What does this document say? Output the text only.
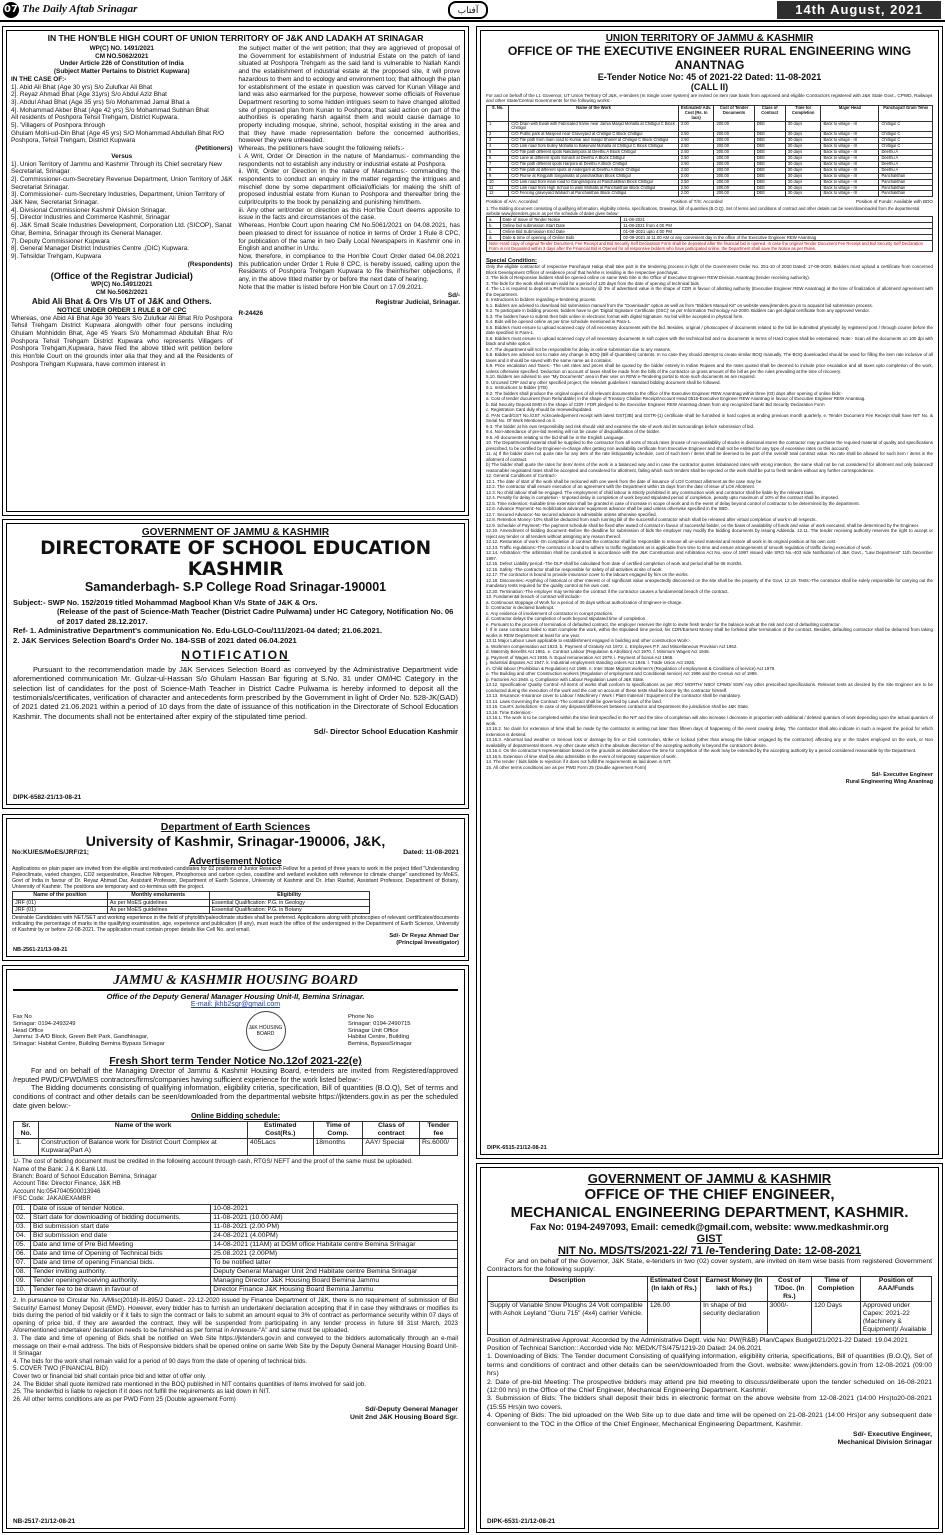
07 The Daily Aftab Srinagar	آفتاب	14th August, 2021
IN THE HON'BLE HIGH COURT OF UNION TERRITORY OF J&K AND LADAKH AT SRINAGAR
WP(C) NO. 1491/2021
CM NO.5062/2021
Under Article 226 of Constitution of India
(Subject Matter Pertains to District Kupwara)
IN THE CASE OF:-
1]. Abid Ali Bhat (Age 30 yrs) S/o Zulufkar Ali Bhat
2]. Reyaz Ahmad Bhat (Age 31yrs) S/o Abdul Aziz Bhat
3]. Abdul Ahad Bhat (Age 35 yrs) S/o Mohammad Jamal Bhat a
4]. Mohammad Akber Bhat (Age 42 yrs) S/o Mohammad Subhan Bhat
All residents of Poshpora Tehsil Trehgam, District Kupwara.
5]. 'Villagers of Poshpora through
Ghulam Mohi-ud-Din Bhat (Age 45 yrs) S/O Mohammad Abdullah Bhat R/O Poshpora, Tehsil Trehgam, District Kupwara
(Petitioners)
Versus
1]. Union Territory of Jammu and Kashmir Through its Chief secretary New Secretariat, Srinagar
2]. Commissioner-cum-Secretary Revenue Department, Union Territory of J&K Secretariat Srinagar.
3]. Commissioner- cum-Secretary Industries, Department, Union Territory of J&K New, Secretariat Srinagar.
4]. Divisional Commissioner Kashmir Division Srinagar.
5]. Director Industries and Commerce Kashmir, Srinagar
6]. J&K Small Scale Industries Development, Corporation Ltd. (SICOP), Sanat Ghar, Bemina, Srinagar through its General Manager.
7]. Deputy Commissioner Kupwara
8]. General Manager District Industries Centre ,(DIC) Kupwara.
9]. Tehsildar Trehgam, Kupwara
(Respondents)
(Office of the Registrar Judicial)
WP(C) No.1491/2021
CM No.5062/2021
Abid Ali Bhat & Ors V/s UT of J&K and Others.
NOTICE UNDER ORDER 1 RULE 8 OF CPC
Whereas, one Abid Ali Bhat Age 30 Years S/o Zulufkar Ali Bhat R/o Poshpora Tehsil Trehgam District Kupwara alongwith other four persons including Ghulam Mohhiddin Bhat, Age 45 Years S/o Mohammad Abdullah Bhat R/o Poshpora Tehsil Trehgam District Kupwara who represents Villagers of Poshpora Trehgam,Kupwara, have filed the above titled writ petition before this Hon'ble Court on the grounds inter alia that they and all the Residents of Poshpora Trehgam Kupwara, have common interest in
the subject matter of the writ petition; that they are aggrieved of proposal of the Government for establishment of Industrial Estate on the patch of land situated at Poshpora Trehgam as the said land is vulnerable to Nallah Kandi and the establishment of industrial estate at the proposed site, it will prove hazardous to them and to ecology and environment too; that although the plan for establishment of the estate in question was carved for Kunan Village and land was also earmarked for the purpose, however some officials of Revenue Department resorting to some hidden intrigues seem to have changed allotted site of proposed plan from Kunan to Poshpora; that said action on part of the authorities is operating harsh against them and would cause damage to property including mosque, shrine, school, hospital existing in the area and that they have made representation before the concerned authorities, however they were unheeded.
Whereas, the petitioners have sought the following reliefs:-
i. A Writ, Order Or Direction in the nature of Mandamus:- commanding the respondents not to establish any industry or industrial estate at Poshpora.
ii. Writ, Order or Direction in the nature of Mandamus:- commanding the respondents to conduct an enquiry in the matter regarding the intrigues and mischief done by some department official/officials for making the shift of proposed industrial estate from Kunan to Poshpora and thereafter bring the culprit/culprits to the book by penalizing and punishing him/them.
iii. Any other writ/order or direction as this Hon'ble Court deems apposite to issue in the facts and circumstances of the case.
Whereas, Hon'ble Court upon hearing CM No.5061/2021 on 04.08.2021, has been pleased to direct for issuance of notice in terms of Order 1 Rule 8 CPC, for publication of the same in two Daily Local Newspapers in Kashmir one in English and another in Urdu.
Now, therefore, in compliance to the Hon'ble Court Order dated 04.08.2021 this publication under Order 1 Rule 8 CPC, is hereby issued, calling upon the Residents of Poshpora Trehgam Kupwara to file their/his/her objections, if any, in the above titled matter by or before the next date of hearing.
Note that the matter is listed before Hon'ble Court on 17.09.2021.
Sd/-
Registrar Judicial, Srinagar.
R-24426
GOVERNMENT OF JAMMU & KASHMIR
DIRECTORATE OF SCHOOL EDUCATION KASHMIR
Samanderbagh- S.P College Road Srinagar-190001
Subject:- SWP No. 152/2019 titled Mohammad Magbool Khan V/s State of J&K & Ors.
(Release of the past of Science-Math Teacher (District Cadre Pulwama) under HC Category, Notification No. 06 of 2017 dated 28.12.2017.
Ref- 1. Administrative Department's communication No. Edu-LGLO-Cou/111/2021-04 dated; 21.06.2021.
2. J&K Services Selection Board's Order No. 184-SSB of 2021 dated 06.04.2021
NOTIFICATION
Pursuant to the recommendation made by J&K Services Selection Board as conveyed by the Administrative Department vide aforementioned communication Mr. Gulzar-ul-Hassan S/o Ghulam Hassan Bar figuring at S.No. 31 under OM/HC Category in the selection list of candidates for the post of Science-Math Teacher in District Cadre Pulwama is hereby informed to deposit all the testimonials/certificates, verification of character and antecedents form prescribed by the Government in light of Order No. 528-JK(GAD) of 2021 dated 21.06.2021 within a period of 10 days from the date of issuance of this notification in the Directorate of School Education Kashmir. The documents shall not be entertained after expiry of the stipulated time period.
Sd/- Director School Education Kashmir
DIPK-6582-21/13-08-21
Department of Earth Sciences
University of Kashmir, Srinagar-190006, J&K,
No:KU/ES/MoES/JRF/21;	Dated: 11-08-2021
Advertisement Notice
Applications on plain paper are invited from the eligible and motivated candidates for 02 positions of Junior Research Fellow for a period of three years to work in the project titled "Understanding Paleoclimate, varied changes, CO2 sequestration, Reactive Nitrogen, Phosphorous and carbon cycles, coastline and wetland evolution with reference to climate change" sanctioned by MoES, Govt of India in favour of Dr. Reyaz Ahmad Dar, Assistant Professor, Department of Earth Science, University of Kashmir and Dr. Irfan Rashid, Assistant Professor, Department of Botany, University of Kashmir. The positions are temporary and co-terminus with the project.
Name of the position	Monthly emoluments	Eligibility
JRF (01)	As per MoES guidelines	Essential Qualification: P.G. in Geology
JRF (01)	As per MoES guidelines	Essential Qualification: P.G. in Botany
Desirable Candidates with NET/SET and working experience in the field of phytolith/paleoclimate studies shall be preferred. Applications along with photocopies of relevant certificates/documents indicating the percentage of marks in the qualifying examination, age, experience and publication (if any), must reach the office of the undersigned in the Department of Earth Science, University of Kashmir by or before 22-08-2021. The application must contain proper details like Cell No. and email.
Sd/- Dr Reyaz Ahmad Dar
(Principal Investigator)
NB-2561-21/13-08-21
JAMMU & KASHMIR HOUSING BOARD
Office of the Deputy General Manager Housing Unit-II, Bemina Srinagar.
E-mail: jkhb2sgr@gmail.com
Fax No
Srinagar: 0194-2493249
Head Office
Jammu: 3-A/D Block, Green Belt Park, Gandhinagar,
Srinagar: Habitat Centre, Building Bemina Bypass Srinagar
J&K HOUSING BOARD
Phone No
Srinagar: 0194-2490715
Srinagar Unit Office
Habitat Centre, Building
Bemina, BypassSrinagar
Fresh Short term Tender Notice No.12of 2021-22(e)
For and on behalf of the Managing Director of Jammu & Kashmir Housing Board, e-tenders are invited from Registered/approved /reputed PWD/CPWD/MES contractors/firms/companies having sufficient experience for the work listed below:-
The Bidding documents consisting of qualifying information, eligibility criteria, specification, Bill of quantities (B.O.Q), Set of terms and conditions of contract and other details can be seen/downloaded from the departmental website https://jktenders.gov.in as per the scheduled date given below:-
Online Bidding schedule:
Sr. No.	Name of the work	Estimated Cost(Rs.)	Time of Comp.	Class of contract	Tender fee
1.	Construction of Balance work for District Court Complex at Kupwara(Part A)	405Lacs	18months	AAY/ Special	Rs.6000/
1/- The cost of bidding document must be credited in the following account through cash, RTGS/ NEFT and the proof of the same must be uploaded.
Name of the Bank: J & K Bank Ltd.
Branch: Board of School Education Bemina, Srinagar
Account Title: Director Finance, J&K HB
Account No:0547040500013946
IFSC Code: JAKA0EXAMBR
01.	Date of issue of tender Notice.	10-08-2021
02.	Start date for downloading of bidding documents.	11-08-2021 (10.00 AM)
03.	Bid submission start date	11-08-2021 (2.00 PM)
04.	Bid submission end date	24-08-2021 (4.00PM)
05.	Date and time of Pre Bid Meeting	14-08-2021 (11AM) at DGM office Habitate centre Bemina Srinagar
06.	Date and time of Opening of Technical bids	25.08.2021 (2.00PM)
07.	Date and time of opening Financial bids.	To be notified latter
08.	Tender inviting authority.	Deputy General Manager Unit 2nd Habitate centre Bemina Srinagar
09.	Tender opening/receiving authority.	Managing Director J&K Housing Board Bemina Jammu
10.	Tender fee to be drawn in favour of	Director Finance J&K Housing Board Bemina Jammu
2. In pursuance to Circular No. A/Misc(2018)-III-895/J Dated:- 22-12-2020 issued by Finance Department of J&K, there is no requirement of submission of Bid Security/ Earnest Money Deposit (EMD). However, every bidder has to furnish an undertaken/ declaration accepting that if in case they withdraws or modifies its bids during the period of bid validity or if it fails to sign the contract or fails to submit an amount equal to 3% of contract as performance security within 07 days of opening of price bid, if they are awarded the contract, they will be suspended from participating in any tender process in future till 31st March, 2023 Aforementioned undertaken/ declaration needs to be furnished as per format in Annexure-"A" and same must be uploaded.
3. The date and time of opening of Bids shall be notified on Web Site https://jktenders.gov.in and conveyed to the bidders automatically through an e-mail message on their e-mail address. The bids of Responsive bidders shall be opened online on same Web Site by the Deputy General Manager Housing Board Unit-II Srinagar
4. The bids for the work shall remain valid for a period of 90 days from the date of opening of technical bids.
5. COVER TWO (FINANCIAL BID)
Cover two or financial bid shall contain price bid and letter of offer only.
24. The Bidder shall quote itemized rate mentioned in the BOQ published in NIT contains quantities of items involved for said job.
25. The tender/bid is liable to rejection if it does not fulfill the requirements as laid down in NIT.
26. All other terms conditions are as per PWD Form 25 (Double agreement Form)
Sd/-Deputy General Manager
Unit 2nd J&K Housing Board Sgr.
NB-2517-21/12-08-21
UNION TERRITORY OF JAMMU & KASHMIR
OFFICE OF THE EXECUTIVE ENGINEER RURAL ENGINEERING WING ANANTNAG
E-Tender Notice No: 45 of 2021-22 Dated: 11-08-2021
(CALL II)
For and on behalf of the Lt. Governor, UT Union Territory Of J&K, e-tenders (In Single cover system) are invited on item rate basis from approved and eligible Contractors registered with J&K State Govt., CPWD, Railways and other State/Central Governments for the following works:-
S. No.	Name of the Work	Estimated/ Adv. Cost (Rs. In lacs)	Cost of Tender Documents	Class of Contract	Time for Completion	Major Head	Panchayat/ Gram Tehsi
1	C/O Drain with Ewall with Fabricated frame near Jamia Masjid Mohalla at Chittigul C Block Chittigul	3.00	200.00	DEE	30 days	Back to village - III	Chittigul C
2	C/O Public park at Masjeed near Graveyard at Chittigul C Block Chittigul	2.50	200.00	DEE	30 days	Back to village - III	Chittigul C
3	C/O Tile path from main road to Kumar and masjid Sharief at Chittigul C Block Chittigul	2.50	200.00	DEE	30 days	Back to village - III	Chittigul C
4	C/O Link road from bulley Mohalla to Bakerwal Mohalla at Chittigul C Block Chittigul	2.50	200.00	DEE	30 days	Back to village - III	Chittigul C
5	C/O Tile path different spots Nakdampora at Deethu A Block Chittigul	2.50	200.00	DEE	30 days	Back to village - III	Deethu A
6	C/O Lane at different spots Sonach at Deethu A Block Chittigul	2.50	200.00	DEE	30 days	Back to village - III	Deethu A
7	C/O Tile path different spots Harpora at Deethu A Block Chittigul	2.50	200.00	DEE	30 days	Back to village - III	Deethu A
8	C/O Tile path at different spots at Andergam at Deethu A Block Chittigul	2.50	200.00	DEE	30 days	Back to village - III	Deethu A
9	C/O Flume at Ringpath Singamalla at panchakthan Block Chittigul	2.00	200.00	DEE	30 days	Back to village - III	Panchakthan
10	C/O Link road from main road to Gangrampora at Panchakthan Block Chittigul	2.50	200.00	DEE	30 days	Back to village - III	Panchakthan
11	C/O Link road from High School to wani Mohalla at Panchakthan Block Chittigul	2.50	200.00	DEE	30 days	Back to village - III	Panchakthan
12	C/O Fencing graveyard Wahach at Panchakthan Block Chittigul	2.00	200.00	DEE	30 days	Back to village - III	Panchakthan
Position of A/A: Accorded	Position of T/S: Accorded	Position of Funds: Available with BDO
1. The Bidding document consisting of qualifying information, eligibility criteria, specifications, Drawings, bill of quantities (B.O.Q), Set of terms and conditions of contract and other details can be seen/downloaded from the departmental website www.jktenders.gov.in as per the schedule of dates given below:
a.	Date of Issue of Tender Notice	11-08-2021
b.	Online bid submission Start Date	11-08-2021 from 4.00 PM
c.	Online Bid Submission End Date	01-09-2021 upto 4:00 PM
d.	Date & time of opening of Online Bids	02-09-2021 at 11.00 AM or any convenient day in the office of the Executive Engineer REW Anantnag
Note:-Hard copy of original Tender Document, Fee Receipt and Bid Security Self Declaration Form shall be deposited after the financial bid is opened. In case the original Tender Document Fee Receipt and Bid Security Self Declaration Form is not Deposited within 3 days after the Financial Bid is Opened for all responsive bidders who have participated online, the Department shall save the Notice as per Rules.
Special Condition:
Only the eligible contractor of respective Panchayat Halqa shall take part in the tendering process in light of the Government Order No. 251-10 of 2020 Dated: 17-09-2020. Bidders must upload a certificate from concerned Block Development Officer of residence proof that he/she is residing in the respective panchayat.
2. The bids of Responsive bidders shall be opened online on same Web Site in the Office of Executive Engineer REW Division Anantnag (tender receiving authority).
3. The bids for the work shall remain valid for a period of 120 days from the date of opening of technical bids
4. The L1 is required to deposit a Performance Security @ 3% of advertised value in the shape of CDR in favour of allotting authority (Executive Engineer REW Anantnag) at the time of finalization of allotment/ agreement with the Department.
5. Instructions to bidders regarding e-tendering process.
5.1. Bidders are advised to download bid submission manual from the "Downloads" option as well as from "Bidders Manual Kit" on website www.jktenders.gov.in to acquaint bid submission process.
5.2. To participate in bidding process, bidders have to get 'Digital Signature Certificate (DSC)' as per Information Technology Act-2000. Bidders can get digital certificate from any approved Vendor.
5.3. The bidders have to submit their bids online in electronic format with digital Signature. No bid will be accepted in physical form.
5.4. Bids will be opened online as per time schedule mentioned in Para-1.
5.5. Bidders must ensure to upload scanned copy of all necessary documents with the bid. Besides, original / photocopies of documents related to the bid be submitted physically/ by registered post / through courier before the date specified in Para-1.
5.6. Bidders must ensure to upload scanned copy of all necessary documents in soft copies with the technical bid and no documents in terms of Hard Copies shall be entertained. Note:- Scan all the documents on 100 dpi with black and white option.
5.7. The department will not be responsible for delay in online submission due to any reasons.
5.8. Bidders are advised not to make any change in BOQ (Bill of Quantities) contents. In no case they should attempt to create similar BOQ manually. The BOQ downloaded should be used for filling the item rate inclusive of all taxes and it should be saved with the same name as it contains.
5.9. Price escalation and Taxes:- The unit rates and prices shall be quoted by the bidder entirely in Indian Rupees and the rates quoted shall be deemed to include price escalation and all taxes upto completion of the work, unless otherwise specified. Deduction on account of taxes shall be made from the bills of the contractor on gross amount of the bill as per the rules prevailing at the time of recovery.
5.10. Bidders are advised to use "My Documents" area in their user on REW e-Tendering portal to store such documents as are required.
9. Uncosed CRF and any other specified project, the relevant guidelines / standard bidding document shall be followed.
9.1. Instructions to Bidder (ITB)
9.2. The bidders shall produce the original copies of all relevant documents to the office of the Executive Engineer REW Anantnag within three (03) days after opening of online bids:-
a. Cost of tender document (Non Refundable) in the shape of Treasury Challan Receipt/Account Head 0515-Executive Engineer REW Anantnag in favour of Executive Engineer REW Anantnag.
b. Bid Security Deposit EMD in the shape of CDR / FDR pledged to the Executive Engineer REW Anantnag drawn from any recognized bank/ Bid Security Declaration Form
c. Registration Card duly should be renewed/updated.
d. PAN Card/GST No./GST Acknowledgement receipt with latest GST(3B) and GSTR-(1) certificate shall be furnished in hard copies at ending previous month quarterly. e. Tender Document Fee Receipt shall have NIT No. & Serial No. Of Work Mentioned on it.
9.3. The bidder at his own responsibility and risk should visit and examine the site of work and its surroundings before submission of bid.
9.4. Non-attendance of pre-bid meeting will not be cause of disqualification of the bidder.
9.5. All documents relating to the bid shall be in the English Language.
10. The Departmental material shall be supplied to the contractor from all sorts of Stock rates (Incase of non-availability of stocks in divisional stores the contractor may purchase the required material of quality and specifications prescribed, to be certified by Engineer-in-charge after getting non availability certificate from Executive Engineer and shall not be entitled for any type of excessive rates on this account)
11. a) If the bidder does not quote rate for any item of the rate list/quantity schedule, cost of such item / items shall be deemed to be part of the overall/ total contract value. No rate shall be allowed for such item / items in the allotment of contract.
b) The bidder shall quote the rates for item/ items of the work in a balanced way and in case the contractor quotes imbalanced rates with wrong intention, the same shall not be not considered for allotment and only balanced/ reasonable/ negotiated rates shall be accepted and considered for allotment, failing which such tenders shall be rejected or the work shall be put to fresh tenders without any further correspondence.
12. General Conditions of Contract:-
12.1. The date of start of the work shall be reckoned with one week from the date of issuance of LOI/ Contract allotment as the case may be.
12.2. The contractor shall ensure execution of an agreement with the Department within 15 days from the date of issue of LOI/ Allotment.
12.3. No child labour shall be engaged. The employment of child labour is strictly prohibited in any construction work and contractor shall be liable by the relevant laws.
12.4. Penalty for delay in completion - Imposed delay in completion of work beyond stipulated period of completion, penalty upto maximum of 10% of the contract shall be imposed.
12.5. Time extension:-Suitable time extension shall be granted in case of increase in scope of work and in the event of delay beyond control of contractor to be determined by the department.
12.6. Advance Payment:-No mobilization advance/ equipment advance shall be paid unless otherwise specified in the SBD.
12.7. Secured Advance:-No secured advance is admissible unless otherwise specified.
12.8. Retention Money:-10% shall be deducted from each running bill of the successful contractor which shall be released after virtual completion of work in all respects.
12.9. Schedule of Payment:-The payment schedule shall be fixed after award of contract in favour of successful bidder, on the basis of availability of funds and value of work executed, shall be determined by the Engineer.
12.10. Amendment of bidding document:-Before the deadline for submission of bids the employer may modify the bidding documents by issuing Addenda. 12.11. The tender receiving authority reserves the right to accept or reject any tender or all tenders without assigning any reason thereof.
12.12. Restoration of work:-On completion of contract the contractor shall be responsible to remove all un-used material and restore all work in its original position at his own cost.
12.13. Traffic regulations:-The contractor is bound to adhere to traffic regulations as is applicable from time to time and ensure arrangements of smooth regulation of traffic during execution of work.
12.14. Arbitration:-The arbitration shall be conducted in accordance with the J&K Construction and Arbitration Act No.-xxxv of 1997 issued vide SRO No.-403 vide Notification of J&K Govt., "Law Department" 11th December 1997.
12.15. Defect Liability period:-The DLP shall be calculated from date of certified completion of work and period shall be 06 months.
12.16. Safety:-The contractor shall be responsible for safety of all activities at site of work.
12.17. The contractor is bound to provide insurance cover to the labours engaged by him on the works.
12.18. Discoveries:-Anything of historical or other interest or of significant value unexpectedly discovered on the site shall be the property of the Govt. 12.19. Tests:-The contractor shall be solely responsible for carrying out the mandatory tests required for the quality control at his own cost.
12.20. Termination:-The employer may terminate the contract if the contractor causes a fundamental breach of the contract.
13. Fundamental breach of contract will include:-
a. Continuous stoppage of Work for a period of 30 days without authorization of Engineer-in-charge.
b. Contractor is declared bankrupt.
c. Any evidence of involvement of contractor in corrupt practices.
d. Contractor delays the completion of work beyond stipulated time of completion.
e. Pursuant to the process of termination of defaulted contract, the employer reserves the right to invite fresh tender for the balance work at the risk and cost of defaulting contractor.
f. If in case contractor failed to start /complete the work, within the stipulated time period, his CDR/Earnest Money shall be forfeited after termination of the contract. Besides, defaulting contractor shall be debarred from taking works in REW Department at least for one year.
13.11 Major Labour Laws applicable to establishment engaged in building and other construction Work:-
a. Workmen compensation act 1923. b. Payment of Gratuity Act 1972. c. Employees P.F. and Miscellaneous Provision Act 1952.
d. Maternity Benefits Act 1951. e. Contract Labour (Regulation & Abolition) Act 1970. f. Minimum Wages Act 1948.
g. Payment of Wages Act 1936. h. Equal remuneration Act 1979. i. Payment of bonus Act 1965.
j. Industrial disputes Act 1947. k. Industrial employment standing orders Act 1946. l. Trade Union Act 1926.
m. Child labour (Prohibition & Regulation) Act 1986. n. Inter State Migrant workmen's (Regulation of employment & Conditions of service) Act 1979.
o. The Building and other Construction workers (Regulation of employment and Conditional service) Act 1996 and the Census Act of 1996.
p. Factories Act 1948. q. Compliance with Labour Regulation Laws of J&K State.
13.12. Specification/ Quality Control:-All items of works shall conform to specifications as per IRC/ MORTH/ NBO/ CPWD/ SSR/ Any other prescribed specifications. Relevant tests as directed by the Site Engineer are to be conducted during the execution of the work and the cost on account of these tests shall be borne by the contractor himself.
13.13. Insurance:-Insurance cover to Labour / Machinery / Work / Plant material / Equipment of the contractor shall be mandatory.
13.14. Laws Governing the Contract:-The contract shall be governed by Laws of the land.
13.15. Court's Jurisdiction:-In case of any disputes/differences between contractor and Department the jurisdiction shall be J&K State.
13.16. Time Extension:-
13.16.1. The work is to be completed within the time limit specified in the NIT and the time of completion will also increase / decrease in proportion with additional / deleted quantum of work depending upon the actual quantum of work.
13.16.2. No claim for extension of time shall be made by the contractor in writing not later than fifteen days of happening of the event causing delay. The contractor shall also indicate in such a request the period for which extension is desired.
13.16.3. Abnormal bad weather or Serious loss or damage by fire or Civil commotion, strike or lockout (other than among the labour engaged by the contractor) affecting any or the trades employed on the work, or Non availability of departmental stores. Any other cause which in the absolute discretion of the accepting authority is beyond the contractor's desire.
13.16.4. On the contractor's representation based on the grounds as detailed above the time for completion of the work may be extended by the accepting authority by a period considered reasonable by the Department.
13.16.5. Extension of time shall be also admissible in the event of temporary suspension of work.
14. The tender / bids liable to rejection if it does not fulfill the requirements as laid down in NIT.
15. All other terms conditions are as per PWD Form 25 (Double agreement Form)
Sd/- Executive Engineer
Rural Engineering Wing Anantnag
DIPK-6515-21/12-08-21
GOVERNMENT OF JAMMU & KASHMIR
OFFICE OF THE CHIEF ENGINEER,
MECHANICAL ENGINEERING DEPARTMENT, KASHMIR.
Fax No: 0194-2497093, Email: cemedk@gmail.com, website: www.medkashmir.org
GIST
NIT No. MDS/TS/2021-22/ 71 /e-Tendering Date: 12-08-2021
For and on behalf of the Governor, J&K State, e-tenders in two (02) cover system, are invited on item wise basis from registered Government Contractors for the following supply:
Description	Estimated Cost (In lakh of Rs.)	Earnest Money (In lakh of Rs.)	Cost of T/Doc. (In Rs.)	Time of Completion	Position of AAA/Funds
Supply of Variable Snow Ploughs 24 Volt compatible with Ashok Leyland "Guru 715" (4x4) carrier Vehicle.	126.00	In shape of bid security declaration	3000/-	120 Days	Approved under Capex: 2021-22 (Machinery & Equipment)/ Available
Position of Administrative Approval: Accorded by the Administrative Deptt. vide No: PW(R&B) Plan/Capex Budget/21/2021-22 Dated: 19.04.2021
Position of Technical Sanction:: Accorded vide No: MED/K/TS/475/1219-20 Dated: 24.06.2021
1. Downloading of Bids: The Tender document Consisting of qualifying information, eligibility criteria, specifications, Bill of quantities (B.O.Q), Set of terms and conditions of contract and other details can be seen/downloaded from the Govt. website: www.jktenders.gov.in from 12-08-2021 (09:00 hrs)
2. Date of pre-bid Meeting: The prospective bidders may attend pre bid meeting to discuss/deliberate upon the tender scheduled on 16-08-2021 (12:00 hrs) in the Office of the Chief Engineer, Mechanical Engineering Department. Kashmir.
3. Submission of Bids: The bidders shall deposit their bids in electronic format on the above website from 12-08-2021 (14:00 Hrs)to20-08-2021 (15:55 Hrs)in two covers.
4. Opening of Bids: The bid uploaded on the Web Site up to due date and time will be opened on 21-08-2021 (14:00 Hrs)or any subsequent date convenient to the TOC in the Office of the Chief Engineer, Mechanical Engineering Department, Kashmir.
Sd/- Executive Engineer,
Mechanical Division Srinagar
DIPK-6531-21/12-08-21
